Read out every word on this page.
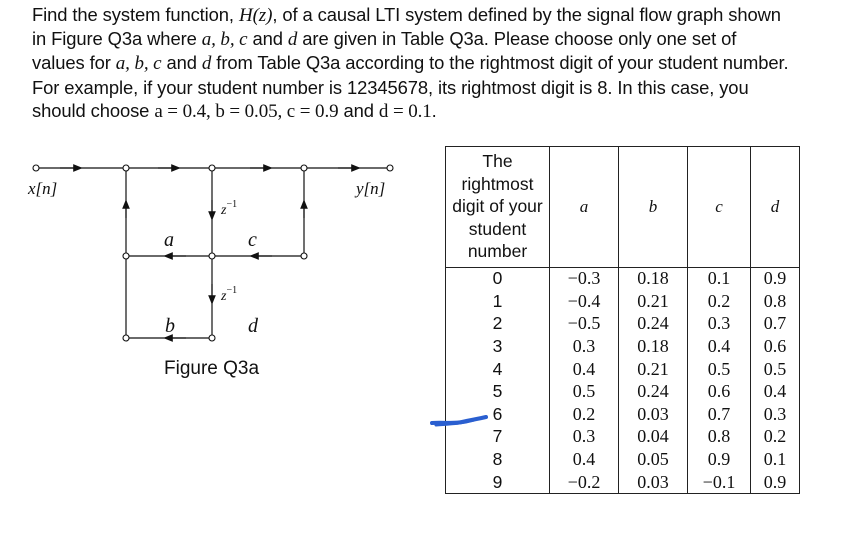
Find the system function, H(z), of a causal LTI system defined by the signal flow graph shown in Figure Q3a where a, b, c and d are given in Table Q3a. Please choose only one set of values for a, b, c and d from Table Q3a according to the rightmost digit of your student number. For example, if your student number is 12345678, its rightmost digit is 8. In this case, you should choose a = 0.4, b = 0.05, c = 0.9 and d = 0.1.
x[n]	y[n]
$z^{-1}$
$z^{-1}$
a	c
b	d
Figure Q3a
The rightmost digit of your student number	a	b	c	d
0	−0.3	0.18	0.1	0.9
1	−0.4	0.21	0.2	0.8
2	−0.5	0.24	0.3	0.7
3	0.3	0.18	0.4	0.6
4	0.4	0.21	0.5	0.5
5	0.5	0.24	0.6	0.4
6	0.2	0.03	0.7	0.3
7	0.3	0.04	0.8	0.2
8	0.4	0.05	0.9	0.1
9	−0.2	0.03	−0.1	0.9
